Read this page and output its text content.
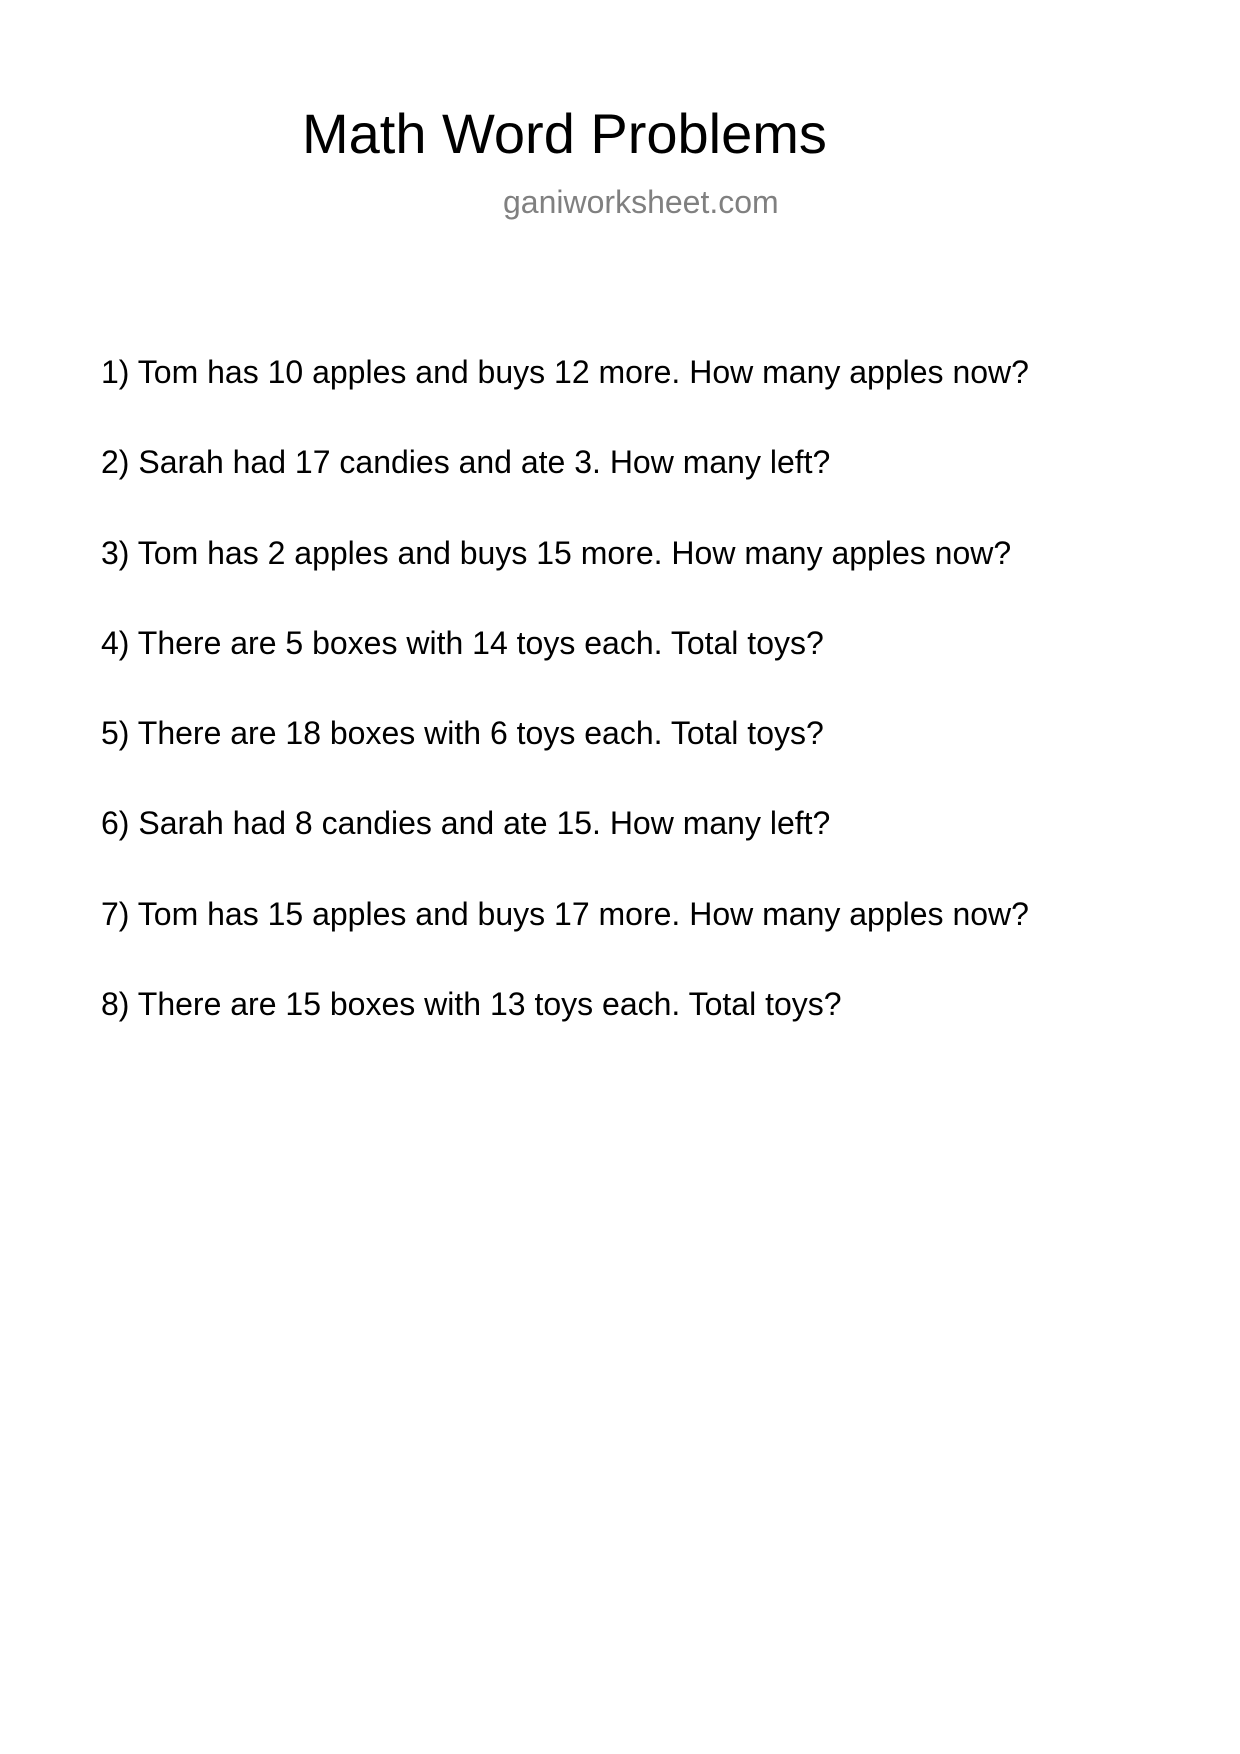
Math Word Problems
ganiworksheet.com
1) Tom has 10 apples and buys 12 more. How many apples now?
2) Sarah had 17 candies and ate 3. How many left?
3) Tom has 2 apples and buys 15 more. How many apples now?
4) There are 5 boxes with 14 toys each. Total toys?
5) There are 18 boxes with 6 toys each. Total toys?
6) Sarah had 8 candies and ate 15. How many left?
7) Tom has 15 apples and buys 17 more. How many apples now?
8) There are 15 boxes with 13 toys each. Total toys?
